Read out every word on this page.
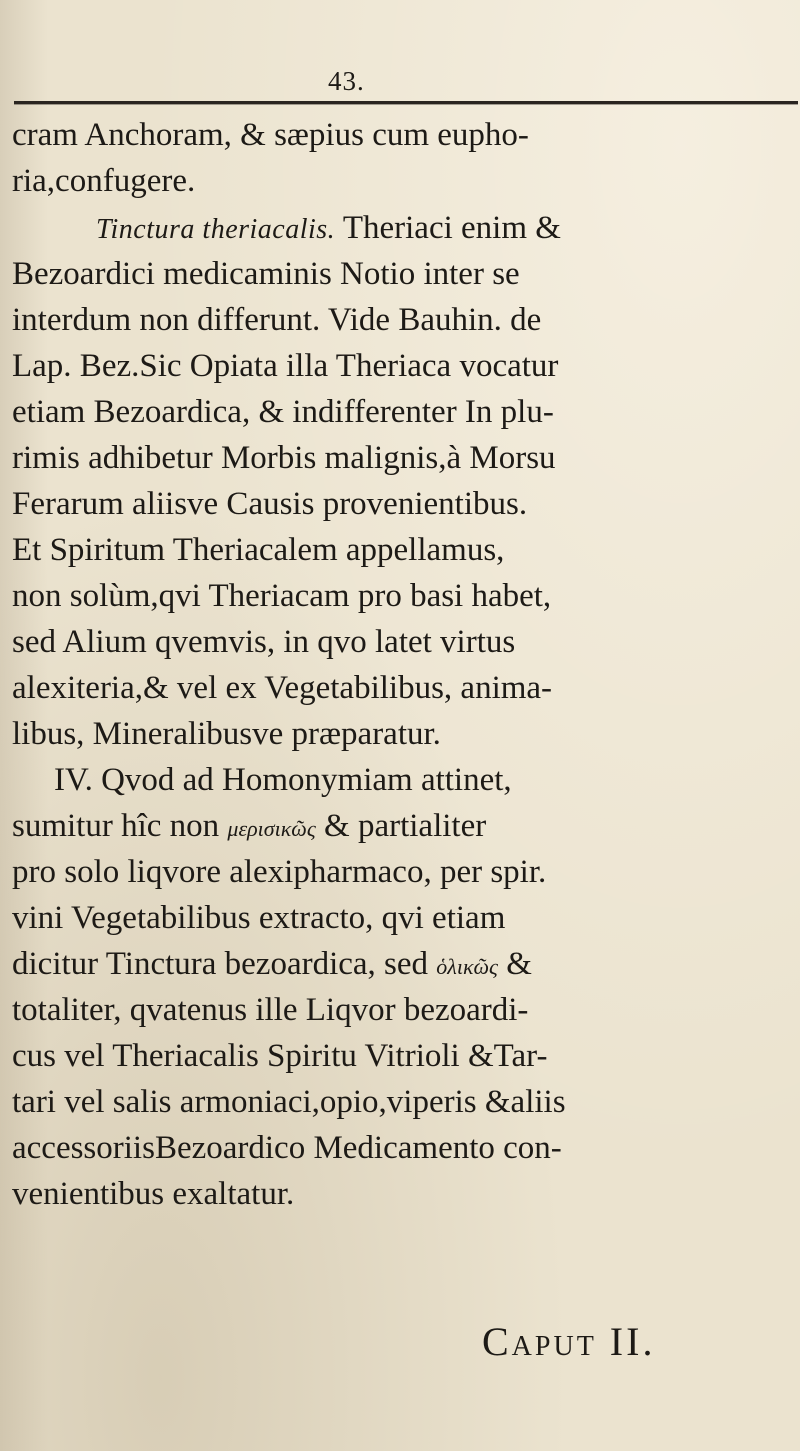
43.
cram Anchoram, & sæpius cum eupho-
ria,confugere.
Tinctura theriacalis. Theriaci enim &
Bezoardici medicaminis Notio inter se
interdum non differunt. Vide Bauhin. de
Lap. Bez.Sic Opiata illa Theriaca vocatur
etiam Bezoardica, & indifferenter In plu-
rimis adhibetur Morbis malignis,à Morsu
Ferarum aliisve Causis provenientibus.
Et Spiritum Theriacalem appellamus,
non solùm,qvi Theriacam pro basi habet,
sed Alium qvemvis, in qvo latet virtus
alexiteria,& vel ex Vegetabilibus, anima-
libus, Mineralibusve præparatur.
IV. Qvod ad Homonymiam attinet,
sumitur hîc non μερισικῶς & partialiter
pro solo liqvore alexipharmaco, per spir.
vini Vegetabilibus extracto, qvi etiam
dicitur Tinctura bezoardica, sed ὁλικῶς &
totaliter, qvatenus ille Liqvor bezoardi-
cus vel Theriacalis Spiritu Vitrioli &Tar-
tari vel salis armoniaci,opio,viperis &aliis
accessoriisBezoardico Medicamento con-
venientibus exaltatur.
Caput II.
